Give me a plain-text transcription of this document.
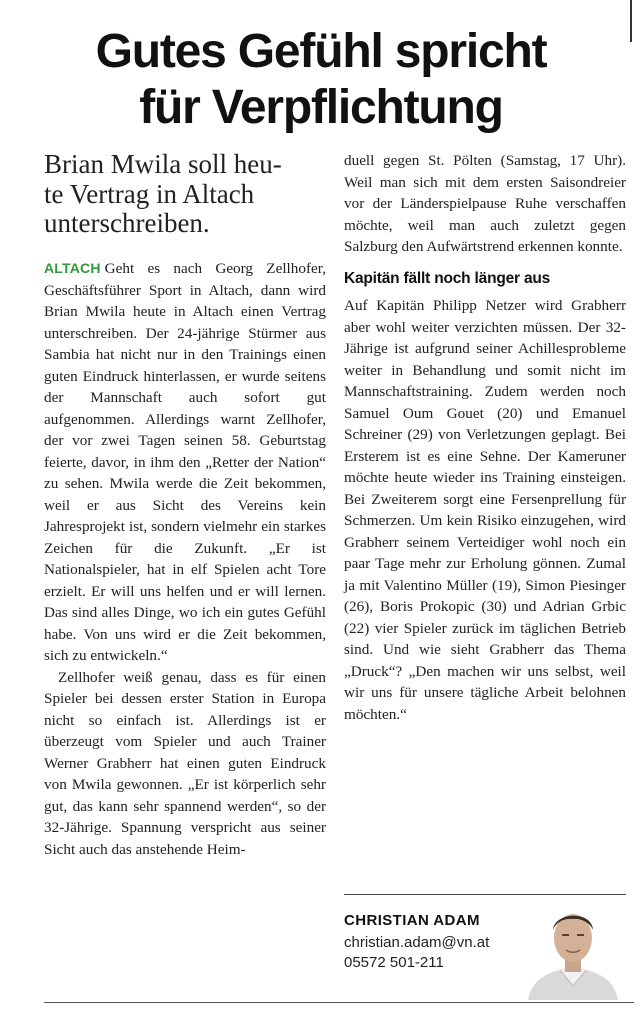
Gutes Gefühl spricht
für Verpflichtung
Brian Mwila soll heu-
te Vertrag in Altach
unterschreiben.

ALTACH Geht es nach Georg Zellhofer, Geschäftsführer Sport in Altach, dann wird Brian Mwila heute in Altach einen Vertrag unterschreiben. Der 24-jährige Stürmer aus Sambia hat nicht nur in den Trainings einen guten Eindruck hinterlassen, er wurde seitens der Mannschaft auch sofort gut aufgenommen. Allerdings warnt Zellhofer, der vor zwei Tagen seinen 58. Geburtstag feierte, davor, in ihm den „Retter der Nation“ zu sehen. Mwila werde die Zeit bekommen, weil er aus Sicht des Vereins kein Jahresprojekt ist, sondern vielmehr ein starkes Zeichen für die Zukunft. „Er ist Nationalspieler, hat in elf Spielen acht Tore erzielt. Er will uns helfen und er will lernen. Das sind alles Dinge, wo ich ein gutes Gefühl habe. Von uns wird er die Zeit bekommen, sich zu entwickeln.“

Zellhofer weiß genau, dass es für einen Spieler bei dessen erster Station in Europa nicht so einfach ist. Allerdings ist er überzeugt vom Spieler und auch Trainer Werner Grabherr hat einen guten Eindruck von Mwila gewonnen. „Er ist körperlich sehr gut, das kann sehr spannend werden“, so der 32-Jährige. Spannung verspricht aus seiner Sicht auch das anstehende Heim-

duell gegen St. Pölten (Samstag, 17 Uhr). Weil man sich mit dem ersten Saisondreier vor der Länderspielpause Ruhe verschaffen möchte, weil man auch zuletzt gegen Salzburg den Aufwärtstrend erkennen konnte.

Kapitän fällt noch länger aus

Auf Kapitän Philipp Netzer wird Grabherr aber wohl weiter verzichten müssen. Der 32-Jährige ist aufgrund seiner Achillesprobleme weiter in Behandlung und somit nicht im Mannschaftstraining. Zudem werden noch Samuel Oum Gouet (20) und Emanuel Schreiner (29) von Verletzungen geplagt. Bei Ersterem ist es eine Sehne. Der Kameruner möchte heute wieder ins Training einsteigen. Bei Zweiterem sorgt eine Fersenprellung für Schmerzen. Um kein Risiko einzugehen, wird Grabherr seinem Verteidiger wohl noch ein paar Tage mehr zur Erholung gönnen. Zumal ja mit Valentino Müller (19), Simon Piesinger (26), Boris Prokopic (30) und Adrian Grbic (22) vier Spieler zurück im täglichen Betrieb sind. Und wie sieht Grabherr das Thema „Druck“? „Den machen wir uns selbst, weil wir uns für unsere tägliche Arbeit belohnen möchten.“

CHRISTIAN ADAM
christian.adam@vn.at
05572 501-211
